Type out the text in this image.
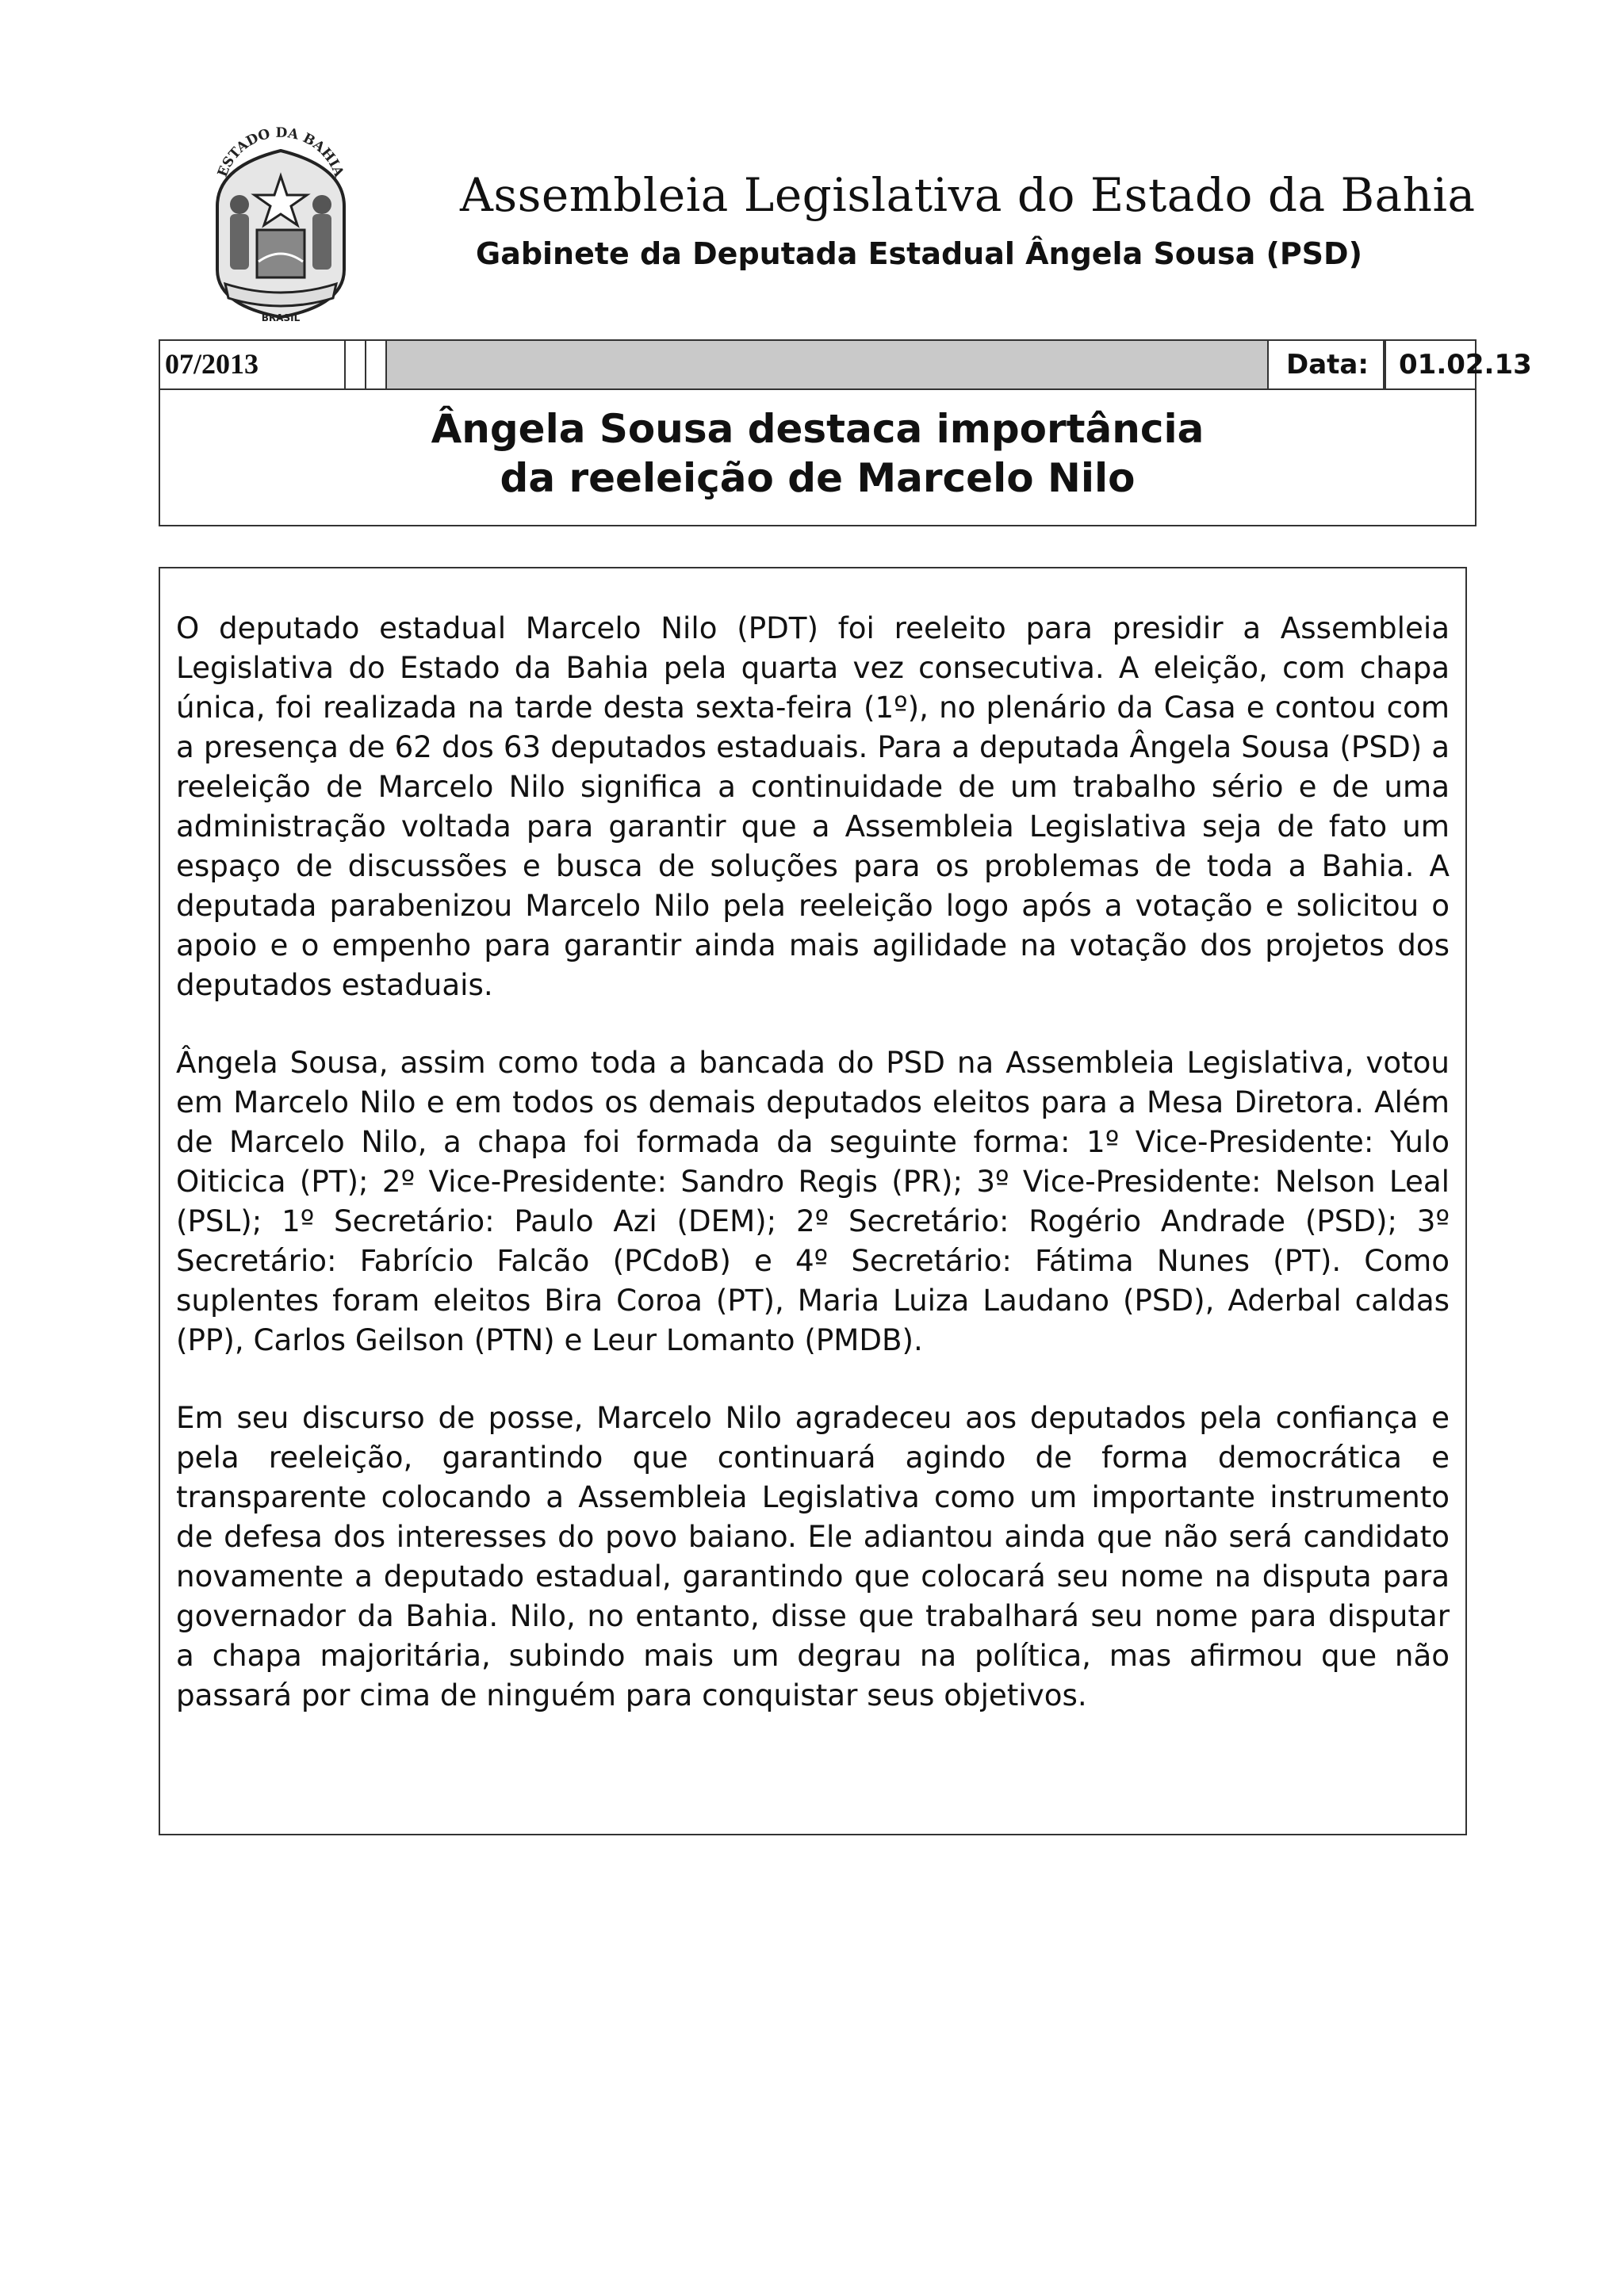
ESTADO DA BAHIA
BRASIL
Assembleia Legislativa do Estado da Bahia
Gabinete da Deputada Estadual Ângela Sousa (PSD)
07/2013	Data:	01.02.13
Ângela Sousa destaca importância
da reeleição de Marcelo Nilo

O deputado estadual Marcelo Nilo (PDT) foi reeleito para presidir a Assembleia Legislativa do Estado da Bahia pela quarta vez consecutiva. A eleição, com chapa única, foi realizada na tarde desta sexta-feira (1º), no plenário da Casa e contou com a presença de 62 dos 63 deputados estaduais. Para a deputada Ângela Sousa (PSD) a reeleição de Marcelo Nilo significa a continuidade de um trabalho sério e de uma administração voltada para garantir que a Assembleia Legislativa seja de fato um espaço de discussões e busca de soluções para os problemas de toda a Bahia. A deputada parabenizou Marcelo Nilo pela reeleição logo após a votação e solicitou o apoio e o empenho para garantir ainda mais agilidade na votação dos projetos dos deputados estaduais.

Ângela Sousa, assim como toda a bancada do PSD na Assembleia Legislativa, votou em Marcelo Nilo e em todos os demais deputados eleitos para a Mesa Diretora. Além de Marcelo Nilo, a chapa foi formada da seguinte forma: 1º Vice-Presidente: Yulo Oiticica (PT); 2º Vice-Presidente: Sandro Regis (PR); 3º Vice-Presidente: Nelson Leal (PSL); 1º Secretário: Paulo Azi (DEM); 2º Secretário: Rogério Andrade (PSD); 3º Secretário: Fabrício Falcão (PCdoB) e 4º Secretário: Fátima Nunes (PT). Como suplentes foram eleitos Bira Coroa (PT), Maria Luiza Laudano (PSD), Aderbal caldas (PP), Carlos Geilson (PTN) e Leur Lomanto (PMDB).

Em seu discurso de posse, Marcelo Nilo agradeceu aos deputados pela confiança e pela reeleição, garantindo que continuará agindo de forma democrática e transparente colocando a Assembleia Legislativa como um importante instrumento de defesa dos interesses do povo baiano. Ele adiantou ainda que não será candidato novamente a deputado estadual, garantindo que colocará seu nome na disputa para governador da Bahia. Nilo, no entanto, disse que trabalhará seu nome para disputar a chapa majoritária, subindo mais um degrau na política, mas afirmou que não passará por cima de ninguém para conquistar seus objetivos.
